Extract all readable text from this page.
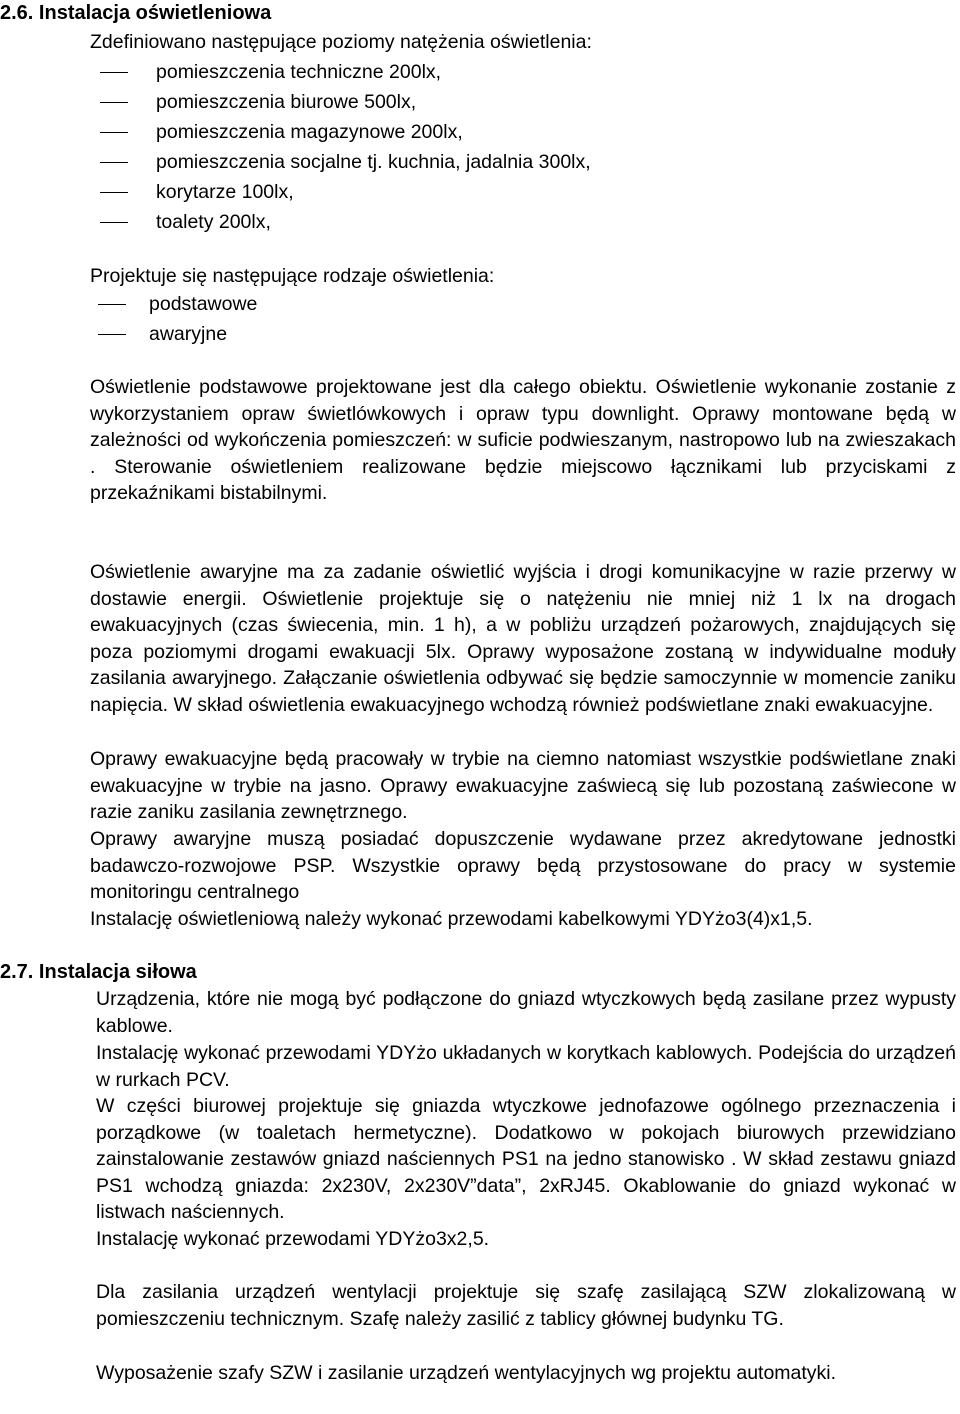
2.6. Instalacja oświetleniowa
Zdefiniowano następujące poziomy natężenia oświetlenia:
pomieszczenia techniczne 200lx,
pomieszczenia biurowe 500lx,
pomieszczenia magazynowe 200lx,
pomieszczenia socjalne tj. kuchnia, jadalnia 300lx,
korytarze 100lx,
toalety 200lx,
Projektuje się następujące rodzaje oświetlenia:
podstawowe
awaryjne

Oświetlenie podstawowe projektowane jest dla całego obiektu. Oświetlenie wykonanie zostanie z wykorzystaniem opraw świetlówkowych i opraw typu downlight. Oprawy montowane będą w zależności od wykończenia pomieszczeń: w suficie podwieszanym, nastropowo lub na zwieszakach . Sterowanie oświetleniem realizowane będzie miejscowo łącznikami lub przyciskami z przekaźnikami bistabilnymi.

Oświetlenie awaryjne ma za zadanie oświetlić wyjścia i drogi komunikacyjne w razie przerwy w dostawie energii. Oświetlenie projektuje się o natężeniu nie mniej niż 1 lx na drogach ewakuacyjnych (czas świecenia, min. 1 h), a w pobliżu urządzeń pożarowych, znajdujących się poza poziomymi drogami ewakuacji 5lx. Oprawy wyposażone zostaną w indywidualne moduły zasilania awaryjnego. Załączanie oświetlenia odbywać się będzie samoczynnie w momencie zaniku napięcia. W skład oświetlenia ewakuacyjnego wchodzą również podświetlane znaki ewakuacyjne.

Oprawy ewakuacyjne będą pracowały w trybie na ciemno natomiast wszystkie podświetlane znaki ewakuacyjne w trybie na jasno. Oprawy ewakuacyjne zaświecą się lub pozostaną zaświecone w razie zaniku zasilania zewnętrznego.

Oprawy awaryjne muszą posiadać dopuszczenie wydawane przez akredytowane jednostki badawczo-rozwojowe PSP. Wszystkie oprawy będą przystosowane do pracy w systemie monitoringu centralnego

Instalację oświetleniową należy wykonać przewodami kabelkowymi YDYżo3(4)x1,5.

2.7. Instalacja siłowa

Urządzenia, które nie mogą być podłączone do gniazd wtyczkowych będą zasilane przez wypusty kablowe.

Instalację wykonać przewodami YDYżo układanych w korytkach kablowych. Podejścia do urządzeń w rurkach PCV.

W części biurowej projektuje się gniazda wtyczkowe jednofazowe ogólnego przeznaczenia i porządkowe (w toaletach hermetyczne). Dodatkowo w pokojach biurowych przewidziano zainstalowanie zestawów gniazd naściennych PS1 na jedno stanowisko . W skład zestawu gniazd PS1 wchodzą gniazda: 2x230V, 2x230V”data”, 2xRJ45. Okablowanie do gniazd wykonać w listwach naściennych.

Instalację wykonać przewodami YDYżo3x2,5.

Dla zasilania urządzeń wentylacji projektuje się szafę zasilającą SZW zlokalizowaną w pomieszczeniu technicznym. Szafę należy zasilić z tablicy głównej budynku TG.

Wyposażenie szafy SZW i zasilanie urządzeń wentylacyjnych wg projektu automatyki.
